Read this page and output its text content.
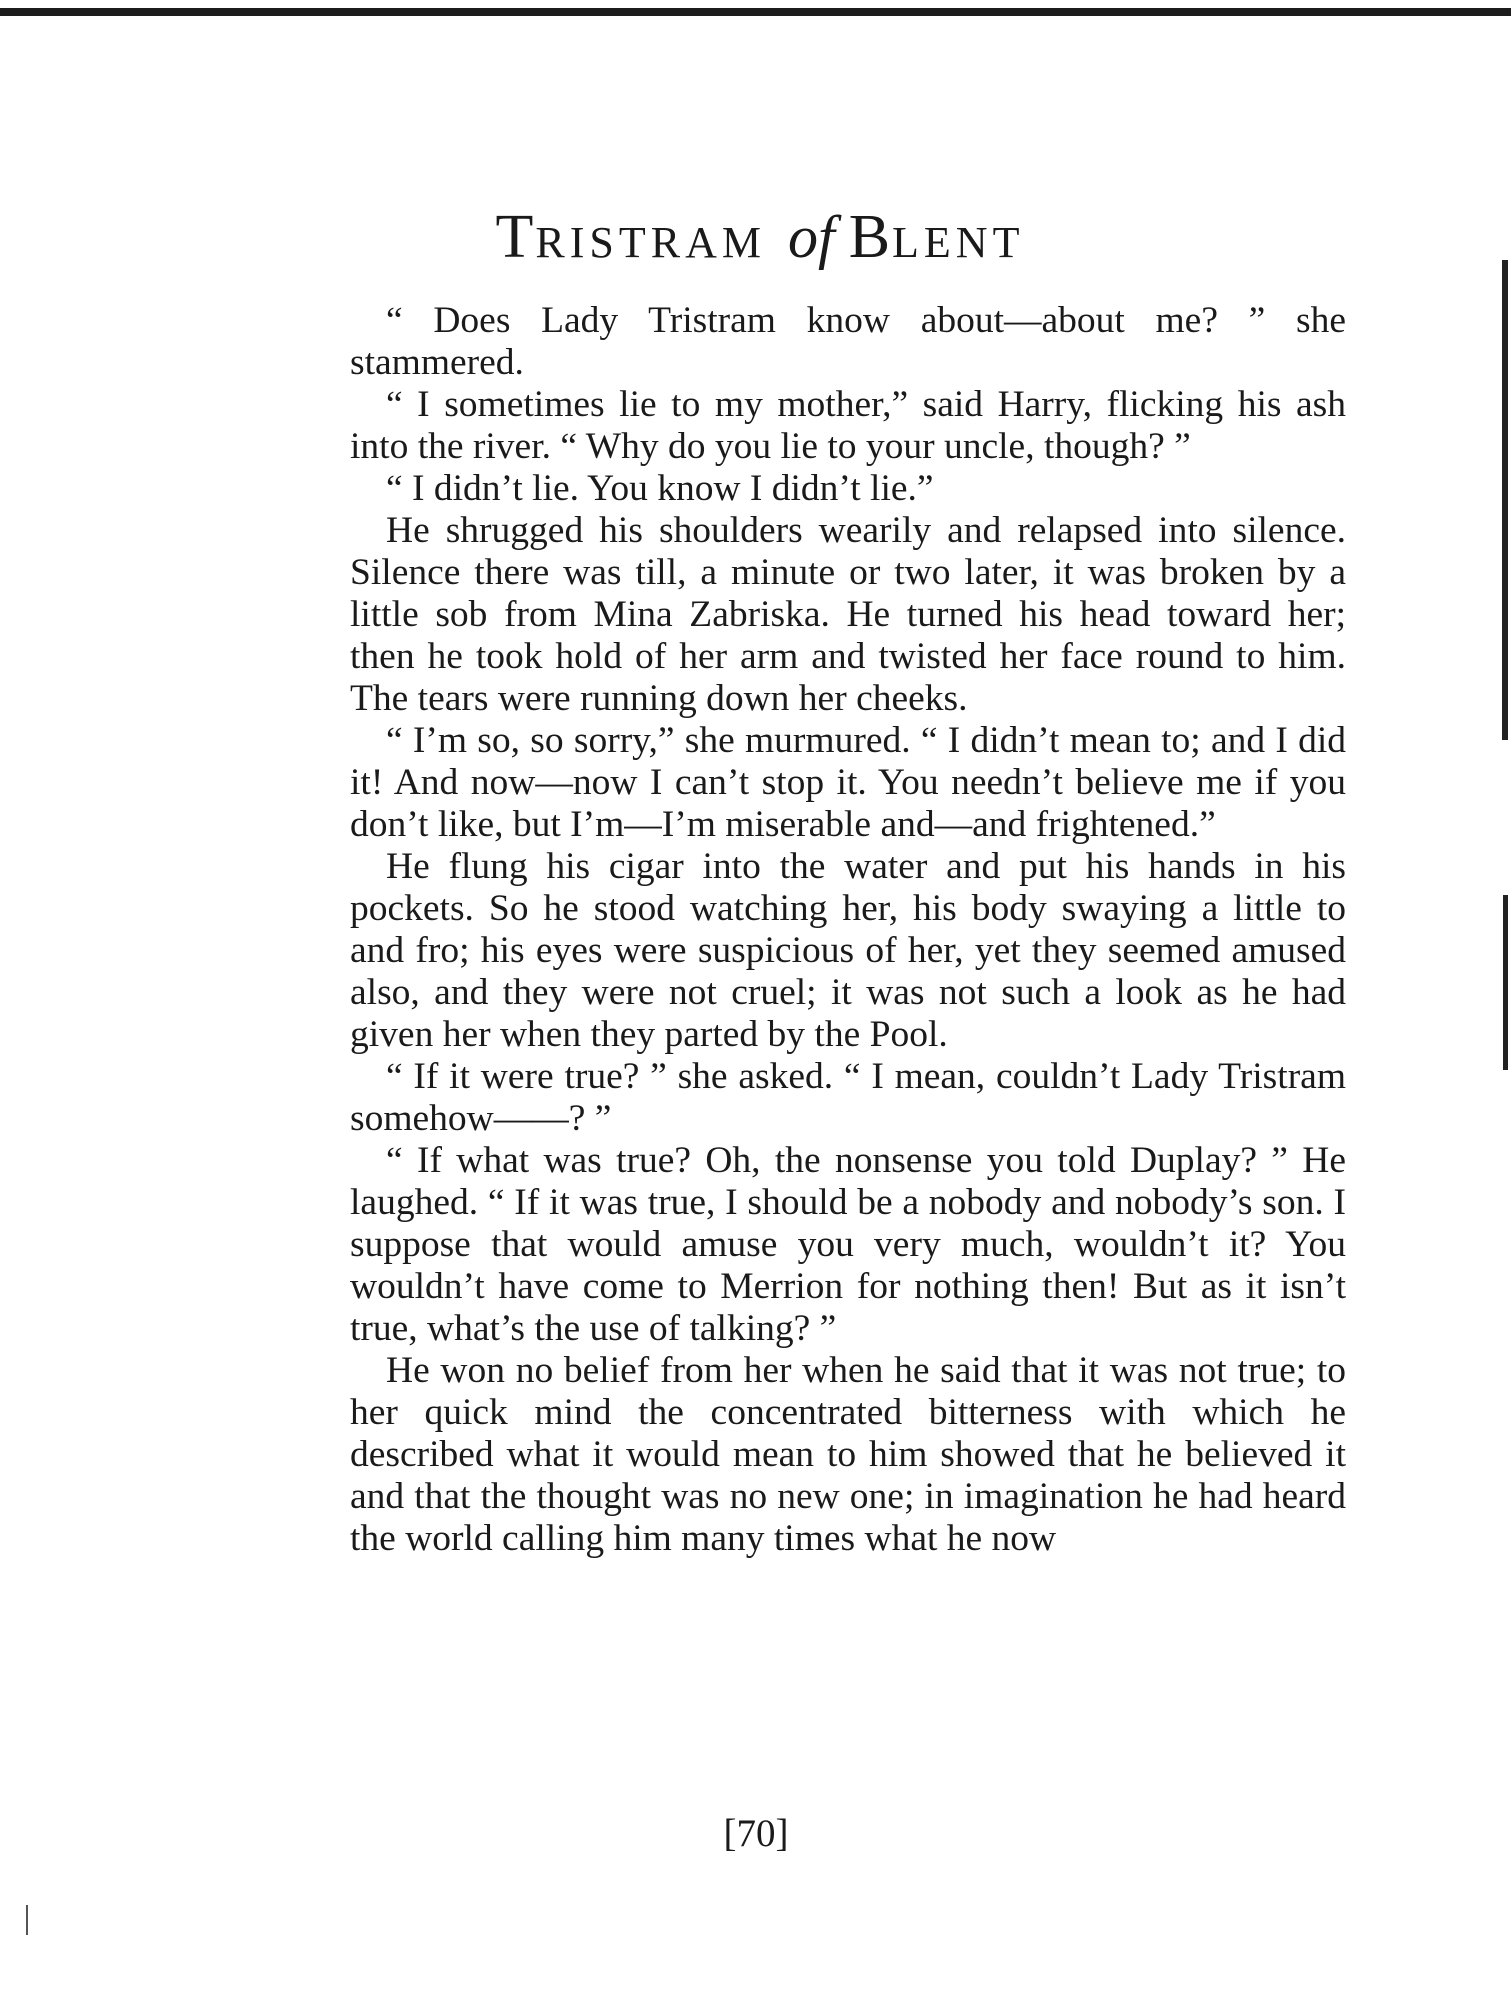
TRISTRAM of BLENT

“ Does Lady Tristram know about—about me? ” she stammered.

“ I sometimes lie to my mother,” said Harry, flicking his ash into the river. “ Why do you lie to your uncle, though? ”

“ I didn’t lie. You know I didn’t lie.”

He shrugged his shoulders wearily and relapsed into silence. Silence there was till, a minute or two later, it was broken by a little sob from Mina Zabriska. He turned his head toward her; then he took hold of her arm and twisted her face round to him. The tears were running down her cheeks.

“ I’m so, so sorry,” she murmured. “ I didn’t mean to; and I did it! And now—now I can’t stop it. You needn’t believe me if you don’t like, but I’m—I’m miserable and—and frightened.”

He flung his cigar into the water and put his hands in his pockets. So he stood watching her, his body swaying a little to and fro; his eyes were suspicious of her, yet they seemed amused also, and they were not cruel; it was not such a look as he had given her when they parted by the Pool.

“ If it were true? ” she asked. “ I mean, couldn’t Lady Tristram somehow——? ”

“ If what was true? Oh, the nonsense you told Duplay? ” He laughed. “ If it was true, I should be a nobody and nobody’s son. I suppose that would amuse you very much, wouldn’t it? You wouldn’t have come to Merrion for nothing then! But as it isn’t true, what’s the use of talking? ”

He won no belief from her when he said that it was not true; to her quick mind the concentrated bitterness with which he described what it would mean to him showed that he believed it and that the thought was no new one; in imagination he had heard the world calling him many times what he now

[70]
